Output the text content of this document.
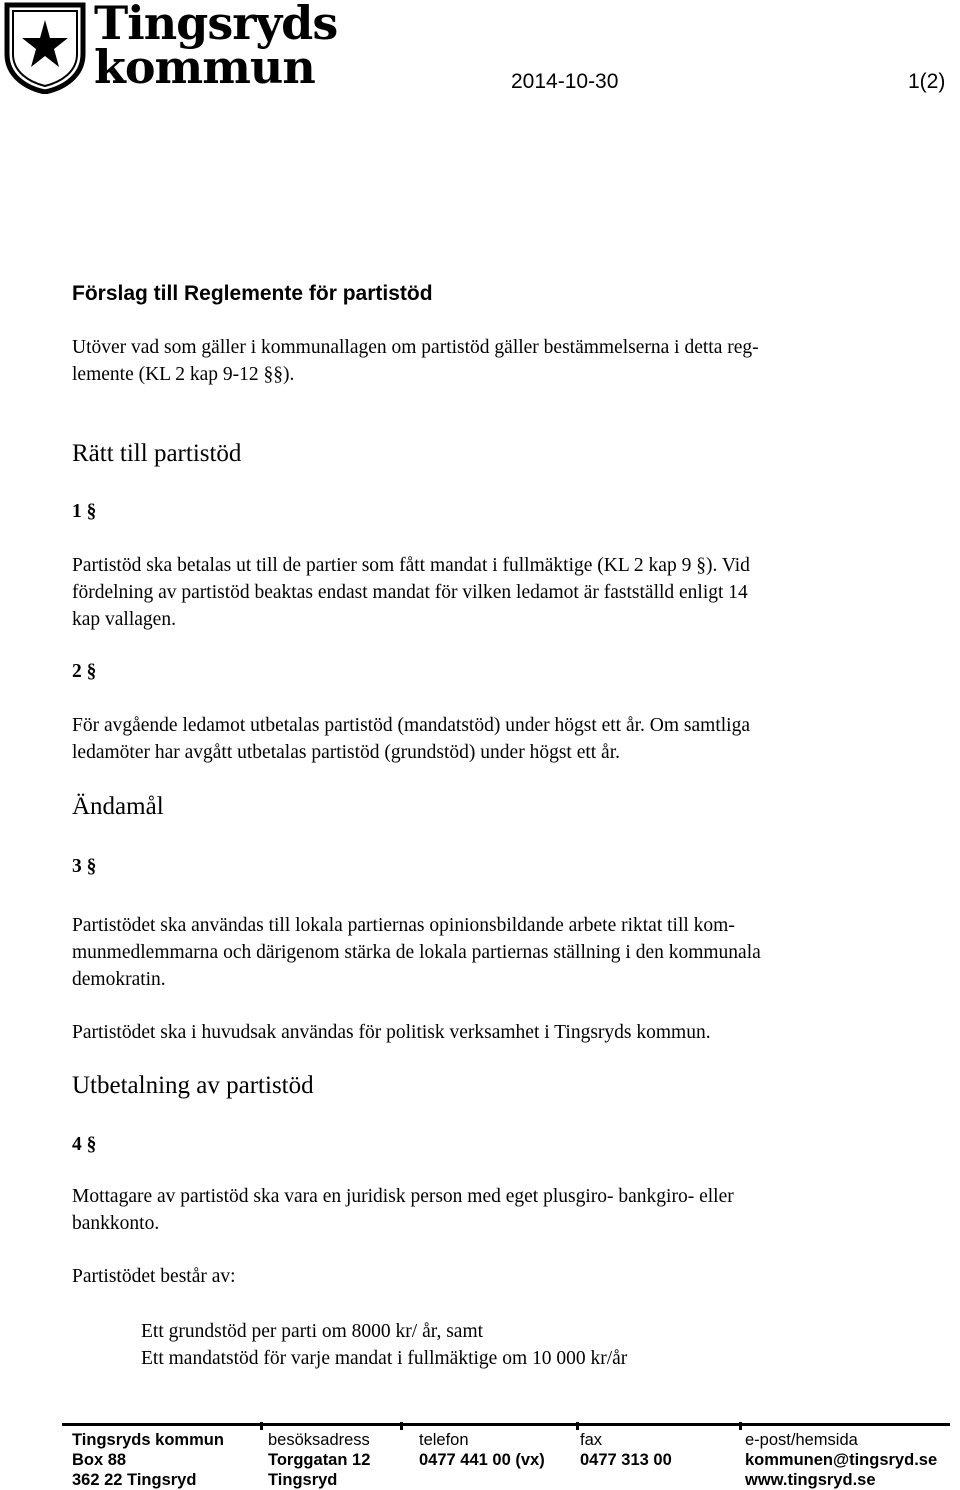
Tingsryds
kommun	2014-10-30	1(2)
Förslag till Reglemente för partistöd

Utöver vad som gäller i kommunallagen om partistöd gäller bestämmelserna i detta reg-

lemente (KL 2 kap 9-12 §§).

Rätt till partistöd
1 §

Partistöd ska betalas ut till de partier som fått mandat i fullmäktige (KL 2 kap 9 §). Vid

fördelning av partistöd beaktas endast mandat för vilken ledamot är fastställd enligt 14

kap vallagen.

2 §

För avgående ledamot utbetalas partistöd (mandatstöd) under högst ett år. Om samtliga

ledamöter har avgått utbetalas partistöd (grundstöd) under högst ett år.

Ändamål
3 §

Partistödet ska användas till lokala partiernas opinionsbildande arbete riktat till kom-

munmedlemmarna och därigenom stärka de lokala partiernas ställning i den kommunala

demokratin.

Partistödet ska i huvudsak användas för politisk verksamhet i Tingsryds kommun.

Utbetalning av partistöd
4 §

Mottagare av partistöd ska vara en juridisk person med eget plusgiro- bankgiro- eller

bankkonto.

Partistödet består av:

Ett grundstöd per parti om 8000 kr/ år, samt
Ett mandatstöd för varje mandat i fullmäktige om 10 000 kr/år
Tingsryds kommun
Box 88
362 22 Tingsryd
besöksadress
Torggatan 12
Tingsryd
telefon
0477 441 00 (vx)
fax
0477 313 00
e-post/hemsida
kommunen@tingsryd.se
www.tingsryd.se
